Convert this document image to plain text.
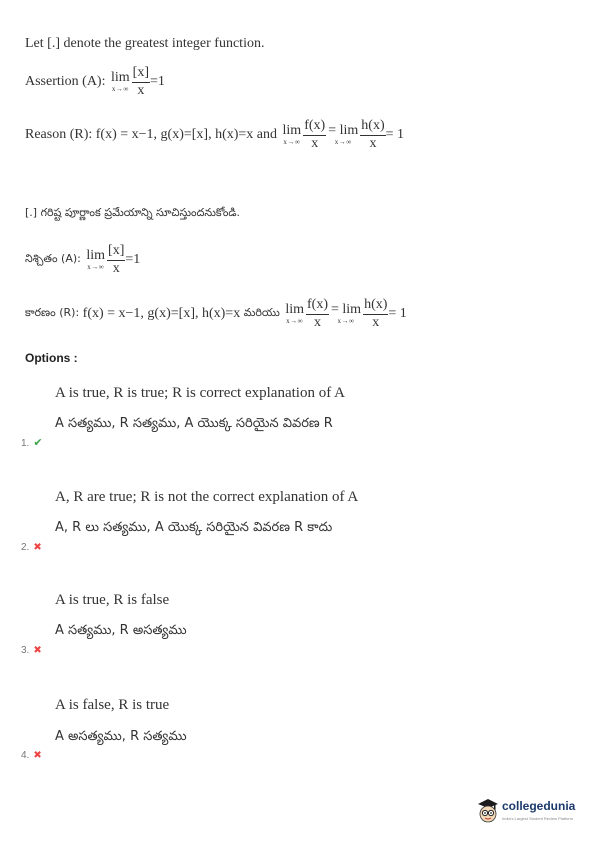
Let [.] denote the greatest integer function.
Assertion (A): lim
$x\to\infty \frac{[x]}{x} =1$
Reason (R): f(x) = x−1, g(x)=[x], h(x)=x and lim
$x\to\infty \frac{f(x)}{x} = \lim$
$x\to\infty \frac{h(x)}{x} = 1$
[.] గరిష్ట పూర్ణాంక ప్రమేయాన్ని సూచిస్తుందనుకోండి.
నిశ్చితం (A): lim
$x\to\infty \frac{[x]}{x} =1$
కారణం (R): f(x) = x−1, g(x)=[x], h(x)=x మరియు lim
$x\to\infty \frac{f(x)}{x} = \lim$
$x\to\infty \frac{h(x)}{x} = 1$
Options :
A is true, R is true; R is correct explanation of A
A సత్యము, R సత్యము, A యొక్క సరియైన వివరణ R
1. ✔
A, R are true; R is not the correct explanation of A
A, R లు సత్యము, A యొక్క సరియైన వివరణ R కాదు
2. ✖
A is true, R is false
A సత్యము, R అసత్యము
3. ✖
A is false, R is true
A అసత్యము, R సత్యము
4. ✖
collegedunia
India's Largest Student Review Platform
